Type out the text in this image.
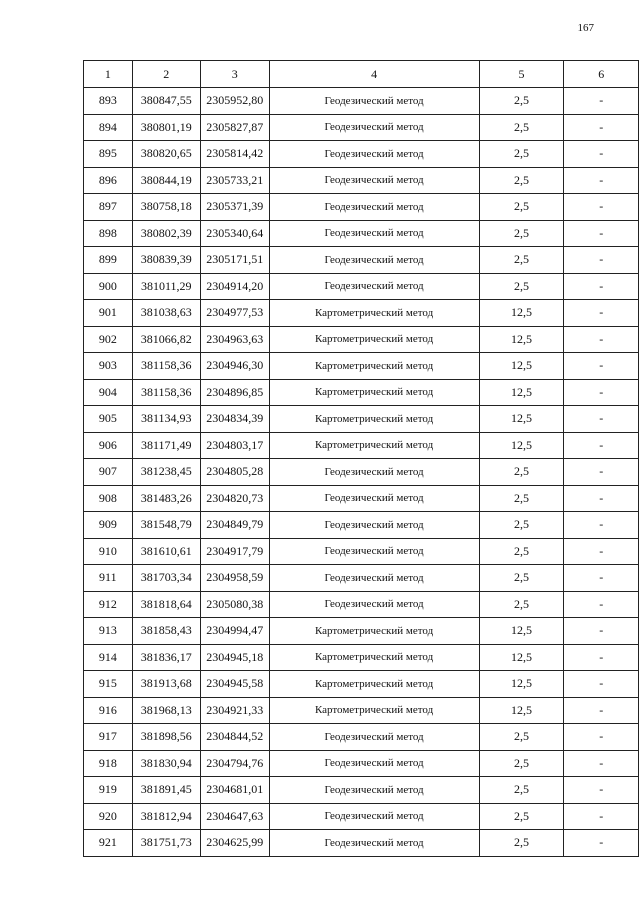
167
1	2	3	4	5	6
893	380847,55	2305952,80	Геодезический метод	2,5	-
894	380801,19	2305827,87	Геодезический метод	2,5	-
895	380820,65	2305814,42	Геодезический метод	2,5	-
896	380844,19	2305733,21	Геодезический метод	2,5	-
897	380758,18	2305371,39	Геодезический метод	2,5	-
898	380802,39	2305340,64	Геодезический метод	2,5	-
899	380839,39	2305171,51	Геодезический метод	2,5	-
900	381011,29	2304914,20	Геодезический метод	2,5	-
901	381038,63	2304977,53	Картометрический метод	12,5	-
902	381066,82	2304963,63	Картометрический метод	12,5	-
903	381158,36	2304946,30	Картометрический метод	12,5	-
904	381158,36	2304896,85	Картометрический метод	12,5	-
905	381134,93	2304834,39	Картометрический метод	12,5	-
906	381171,49	2304803,17	Картометрический метод	12,5	-
907	381238,45	2304805,28	Геодезический метод	2,5	-
908	381483,26	2304820,73	Геодезический метод	2,5	-
909	381548,79	2304849,79	Геодезический метод	2,5	-
910	381610,61	2304917,79	Геодезический метод	2,5	-
911	381703,34	2304958,59	Геодезический метод	2,5	-
912	381818,64	2305080,38	Геодезический метод	2,5	-
913	381858,43	2304994,47	Картометрический метод	12,5	-
914	381836,17	2304945,18	Картометрический метод	12,5	-
915	381913,68	2304945,58	Картометрический метод	12,5	-
916	381968,13	2304921,33	Картометрический метод	12,5	-
917	381898,56	2304844,52	Геодезический метод	2,5	-
918	381830,94	2304794,76	Геодезический метод	2,5	-
919	381891,45	2304681,01	Геодезический метод	2,5	-
920	381812,94	2304647,63	Геодезический метод	2,5	-
921	381751,73	2304625,99	Геодезический метод	2,5	-
